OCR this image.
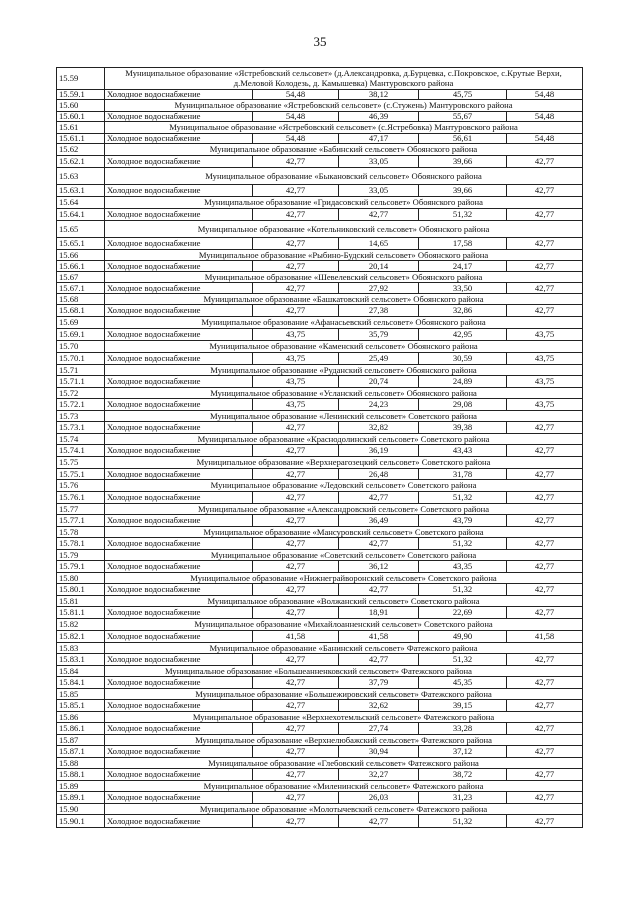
35
15.59	Муниципальное образование «Ястребовский сельсовет» (д.Александровка, д.Бурцевка, с.Покровское, с.Крутые Верхи, д.Меловой Колодезь, д. Камышевка) Мантуровского района				
15.59.1	Холодное водоснабжение	54,48	38,12	45,75	54,48
15.60	Муниципальное образование «Ястребовский сельсовет» (с.Стужень) Мантуровского района				
15.60.1	Холодное водоснабжение	54,48	46,39	55,67	54,48
15.61	Муниципальное образование «Ястребовский сельсовет» (с.Ястребовка) Мантуровского района				
15.61.1	Холодное водоснабжение	54,48	47,17	56,61	54,48
15.62	Муниципальное образование «Бабинский сельсовет» Обоянского района				
15.62.1	Холодное водоснабжение	42,77	33,05	39,66	42,77
15.63	Муниципальное образование «Быкановский сельсовет» Обоянского района				
15.63.1	Холодное водоснабжение	42,77	33,05	39,66	42,77
15.64	Муниципальное образование «Гридасовский сельсовет» Обоянского района				
15.64.1	Холодное водоснабжение	42,77	42,77	51,32	42,77
15.65	Муниципальное образование «Котельниковский сельсовет» Обоянского района				
15.65.1	Холодное водоснабжение	42,77	14,65	17,58	42,77
15.66	Муниципальное образование «Рыбино-Будский сельсовет» Обоянского района				
15.66.1	Холодное водоснабжение	42,77	20,14	24,17	42,77
15.67	Муниципальное образование «Шевелевский сельсовет» Обоянского района				
15.67.1	Холодное водоснабжение	42,77	27,92	33,50	42,77
15.68	Муниципальное образование «Башкатовский сельсовет» Обоянского района				
15.68.1	Холодное водоснабжение	42,77	27,38	32,86	42,77
15.69	Муниципальное образование «Афанасьевский сельсовет» Обоянского района				
15.69.1	Холодное водоснабжение	43,75	35,79	42,95	43,75
15.70	Муниципальное образование «Каменский сельсовет» Обоянского района				
15.70.1	Холодное водоснабжение	43,75	25,49	30,59	43,75
15.71	Муниципальное образование «Руданский сельсовет» Обоянского района				
15.71.1	Холодное водоснабжение	43,75	20,74	24,89	43,75
15.72	Муниципальное образование «Усланский сельсовет» Обоянского района				
15.72.1	Холодное водоснабжение	43,75	24,23	29,08	43,75
15.73	Муниципальное образование «Ленинский сельсовет» Советского района				
15.73.1	Холодное водоснабжение	42,77	32,82	39,38	42,77
15.74	Муниципальное образование «Краснодолинский сельсовет» Советского района				
15.74.1	Холодное водоснабжение	42,77	36,19	43,43	42,77
15.75	Муниципальное образование «Верхнерагозецкий сельсовет» Советского района				
15.75.1	Холодное водоснабжение	42,77	26,48	31,78	42,77
15.76	Муниципальное образование «Ледовский сельсовет» Советского района				
15.76.1	Холодное водоснабжение	42,77	42,77	51,32	42,77
15.77	Муниципальное образование «Александровский сельсовет» Советского района				
15.77.1	Холодное водоснабжение	42,77	36,49	43,79	42,77
15.78	Муниципальное образование «Мансуровский сельсовет» Советского района				
15.78.1	Холодное водоснабжение	42,77	42,77	51,32	42,77
15.79	Муниципальное образование «Советский сельсовет» Советского района				
15.79.1	Холодное водоснабжение	42,77	36,12	43,35	42,77
15.80	Муниципальное образование «Нижнеграйворонский сельсовет» Советского района				
15.80.1	Холодное водоснабжение	42,77	42,77	51,32	42,77
15.81	Муниципальное образование «Волжанский сельсовет» Советского района				
15.81.1	Холодное водоснабжение	42,77	18,91	22,69	42,77
15.82	Муниципальное образование «Михайлоанненский сельсовет» Советского района				
15.82.1	Холодное водоснабжение	41,58	41,58	49,90	41,58
15.83	Муниципальное образование «Банинский сельсовет» Фатежского района				
15.83.1	Холодное водоснабжение	42,77	42,77	51,32	42,77
15.84	Муниципальное образование «Большеанненковский сельсовет» Фатежского района				
15.84.1	Холодное водоснабжение	42,77	37,79	45,35	42,77
15.85	Муниципальное образование «Большежировский сельсовет» Фатежского района				
15.85.1	Холодное водоснабжение	42,77	32,62	39,15	42,77
15.86	Муниципальное образование «Верхнехотемльский сельсовет» Фатежского района				
15.86.1	Холодное водоснабжение	42,77	27,74	33,28	42,77
15.87	Муниципальное образование «Верхнелюбажский сельсовет» Фатежского района				
15.87.1	Холодное водоснабжение	42,77	30,94	37,12	42,77
15.88	Муниципальное образование «Глебовский сельсовет» Фатежского района				
15.88.1	Холодное водоснабжение	42,77	32,27	38,72	42,77
15.89	Муниципальное образование «Миленинский сельсовет» Фатежского района				
15.89.1	Холодное водоснабжение	42,77	26,03	31,23	42,77
15.90	Муниципальное образование «Молотычевский сельсовет» Фатежского района				
15.90.1	Холодное водоснабжение	42,77	42,77	51,32	42,77
